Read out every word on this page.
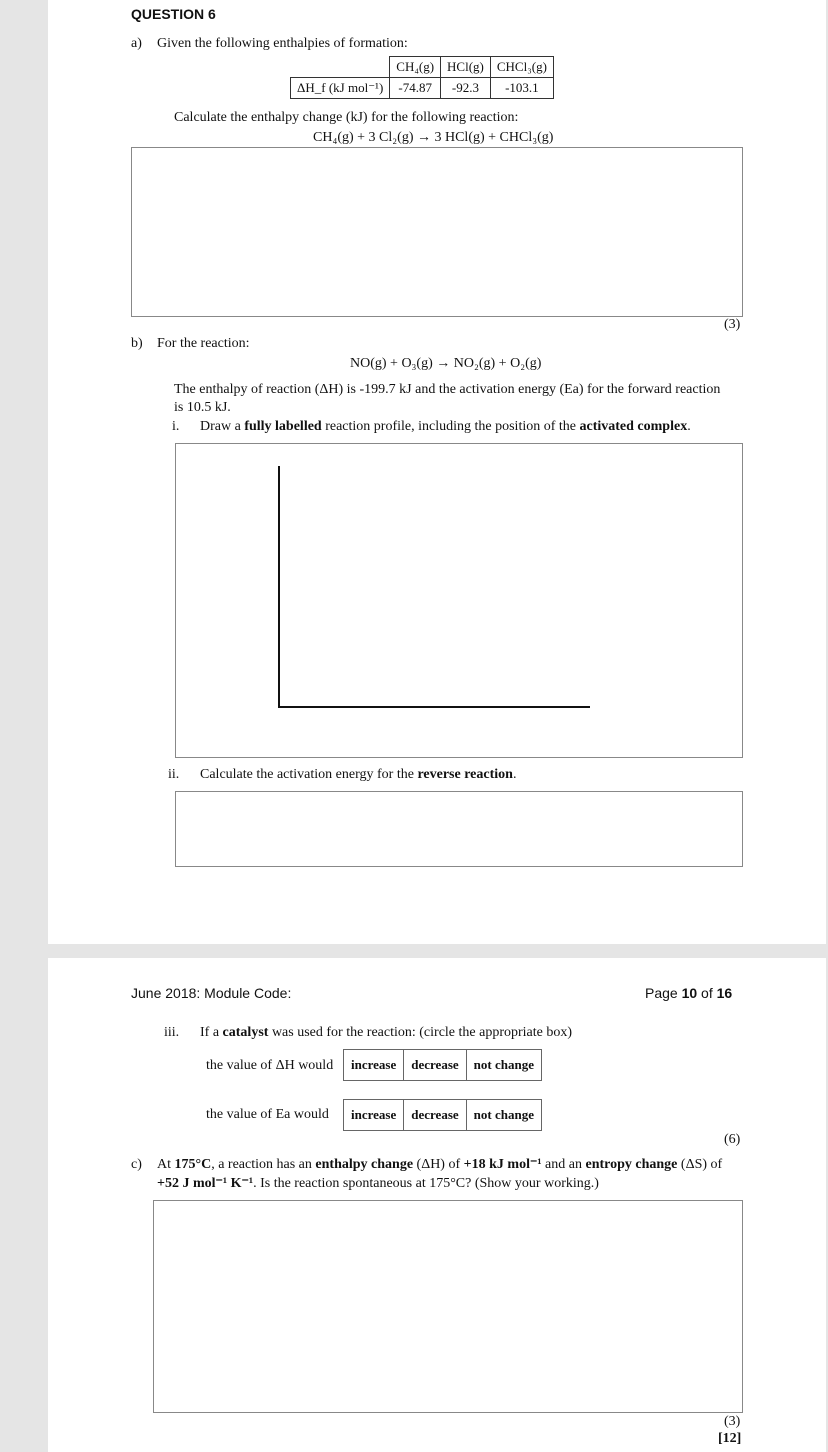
QUESTION 6
a) Given the following enthalpies of formation:
	CH₄(g)	HCl(g)	CHCl₃(g)
ΔH_f (kJ mol⁻¹)	-74.87	-92.3	-103.1
Calculate the enthalpy change (kJ) for the following reaction:
CH₄(g) + 3 Cl₂(g) → 3 HCl(g) + CHCl₃(g)
(3)
b) For the reaction:
NO(g) + O₃(g) → NO₂(g) + O₂(g)
The enthalpy of reaction (ΔH) is -199.7 kJ and the activation energy (Ea) for the forward reaction
is 10.5 kJ.
i. Draw a fully labelled reaction profile, including the position of the activated complex.
ii. Calculate the activation energy for the reverse reaction.
June 2018: Module Code:	Page 10 of 16
iii. If a catalyst was used for the reaction: (circle the appropriate box)
the value of ΔH would increase	decrease	not change
the value of Ea would increase	decrease	not change
(6)
c) At 175°C, a reaction has an enthalpy change (ΔH) of +18 kJ mol⁻¹ and an entropy change (ΔS) of
+52 J mol⁻¹ K⁻¹. Is the reaction spontaneous at 175°C? (Show your working.)
(3)
[12]
